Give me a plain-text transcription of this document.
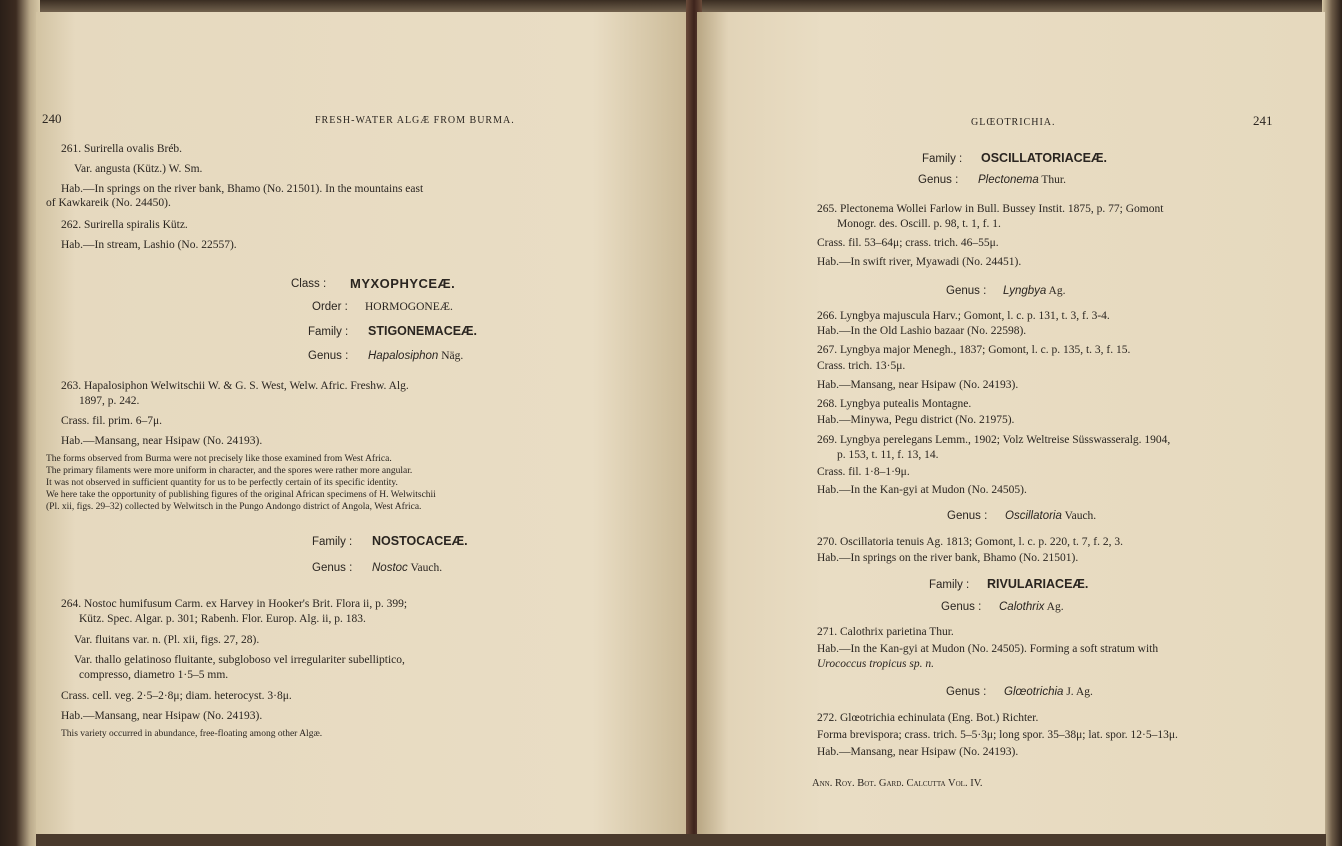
240	FRESH-WATER ALGÆ FROM BURMA.
261. Surirella ovalis Bréb.
Var. angusta (Kütz.) W. Sm.
Hab.—In springs on the river bank, Bhamo (No. 21501). In the mountains east
of Kawkareik (No. 24450).
262. Surirella spiralis Kütz.
Hab.—In stream, Lashio (No. 22557).
Class : MYXOPHYCEÆ.
Order : HORMOGONEÆ.
Family : STIGONEMACEÆ.
Genus : Hapalosiphon Näg.
263. Hapalosiphon Welwitschii W. & G. S. West, Welw. Afric. Freshw. Alg.
1897, p. 242.
Crass. fil. prim. 6–7μ.
Hab.—Mansang, near Hsipaw (No. 24193).
The forms observed from Burma were not precisely like those examined from West Africa.
The primary filaments were more uniform in character, and the spores were rather more angular.
It was not observed in sufficient quantity for us to be perfectly certain of its specific identity.
We here take the opportunity of publishing figures of the original African specimens of H. Welwitschii
(Pl. xii, figs. 29–32) collected by Welwitsch in the Pungo Andongo district of Angola, West Africa.
Family : NOSTOCACEÆ.
Genus : Nostoc Vauch.
264. Nostoc humifusum Carm. ex Harvey in Hooker's Brit. Flora ii, p. 399;
Kütz. Spec. Algar. p. 301; Rabenh. Flor. Europ. Alg. ii, p. 183.
Var. fluitans var. n. (Pl. xii, figs. 27, 28).
Var. thallo gelatinoso fluitante, subgloboso vel irregulariter subelliptico,
compresso, diametro 1·5–5 mm.
Crass. cell. veg. 2·5–2·8μ; diam. heterocyst. 3·8μ.
Hab.—Mansang, near Hsipaw (No. 24193).
This variety occurred in abundance, free-floating among other Algæ.
GLŒOTRICHIA.	241
Family : OSCILLATORIACEÆ.
Genus : Plectonema Thur.
265. Plectonema Wollei Farlow in Bull. Bussey Instit. 1875, p. 77; Gomont
Monogr. des. Oscill. p. 98, t. 1, f. 1.
Crass. fil. 53–64μ; crass. trich. 46–55μ.
Hab.—In swift river, Myawadi (No. 24451).
Genus : Lyngbya Ag.
266. Lyngbya majuscula Harv.; Gomont, l. c. p. 131, t. 3, f. 3-4.
Hab.—In the Old Lashio bazaar (No. 22598).
267. Lyngbya major Menegh., 1837; Gomont, l. c. p. 135, t. 3, f. 15.
Crass. trich. 13·5μ.
Hab.—Mansang, near Hsipaw (No. 24193).
268. Lyngbya putealis Montagne.
Hab.—Minywa, Pegu district (No. 21975).
269. Lyngbya perelegans Lemm., 1902; Volz Weltreise Süsswasseralg. 1904,
p. 153, t. 11, f. 13, 14.
Crass. fil. 1·8–1·9μ.
Hab.—In the Kan-gyi at Mudon (No. 24505).
Genus : Oscillatoria Vauch.
270. Oscillatoria tenuis Ag. 1813; Gomont, l. c. p. 220, t. 7, f. 2, 3.
Hab.—In springs on the river bank, Bhamo (No. 21501).
Family : RIVULARIACEÆ.
Genus : Calothrix Ag.
271. Calothrix parietina Thur.
Hab.—In the Kan-gyi at Mudon (No. 24505). Forming a soft stratum with
Urococcus tropicus sp. n.
Genus : Glœotrichia J. Ag.
272. Glœotrichia echinulata (Eng. Bot.) Richter.
Forma brevispora; crass. trich. 5–5·3μ; long spor. 35–38μ; lat. spor. 12·5–13μ.
Hab.—Mansang, near Hsipaw (No. 24193).
Ann. Roy. Bot. Gard. Calcutta Vol. IV.
